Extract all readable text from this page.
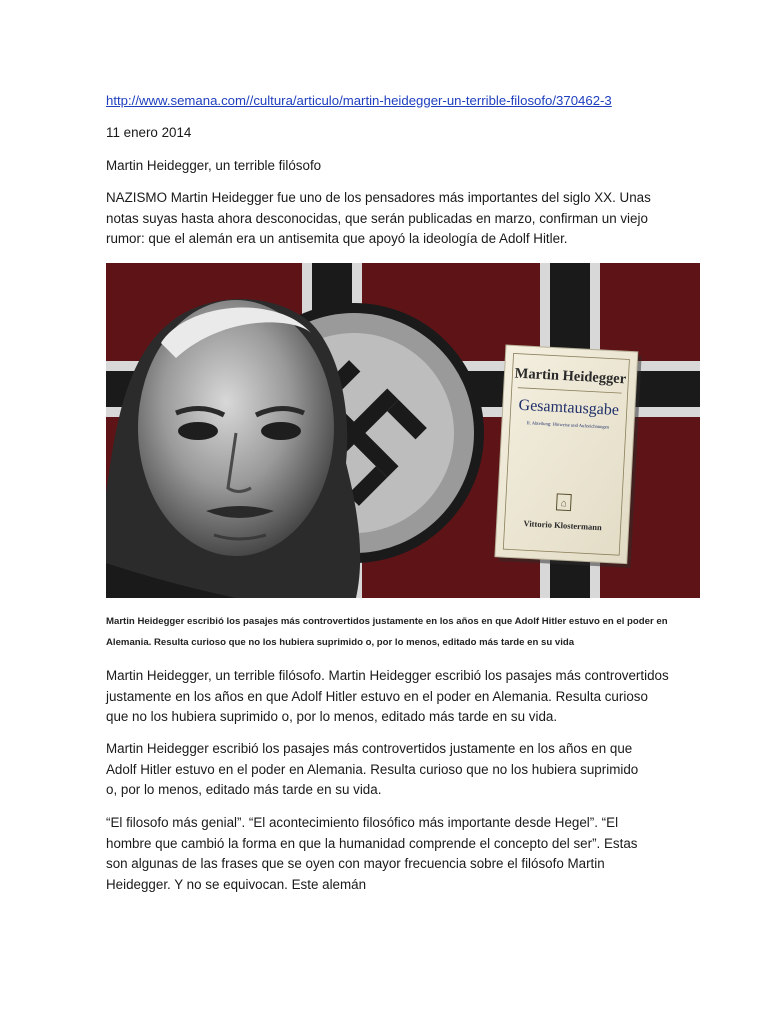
http://www.semana.com//cultura/articulo/martin-heidegger-un-terrible-filosofo/370462-3

11 enero 2014

Martin Heidegger, un terrible filósofo

NAZISMO Martin Heidegger fue uno de los pensadores más importantes del siglo XX. Unas notas suyas hasta ahora desconocidas, que serán publicadas en marzo, confirman un viejo rumor: que el alemán era un antisemita que apoyó la ideología de Adolf Hitler.

Martin Heidegger
Gesamtausgabe
II. Abteilung: Hinweise und Aufzeichnungen
⌂
Vittorio Klostermann

Martin Heidegger escribió los pasajes más controvertidos justamente en los años en que Adolf Hitler estuvo en el poder en Alemania. Resulta curioso que no los hubiera suprimido o, por lo menos, editado más tarde en su vida

Martin Heidegger, un terrible filósofo. Martin Heidegger escribió los pasajes más controvertidos justamente en los años en que Adolf Hitler estuvo en el poder en Alemania. Resulta curioso que no los hubiera suprimido o, por lo menos, editado más tarde en su vida.

Martin Heidegger escribió los pasajes más controvertidos justamente en los años en que Adolf Hitler estuvo en el poder en Alemania. Resulta curioso que no los hubiera suprimido o, por lo menos, editado más tarde en su vida.

“El filosofo más genial”. “El acontecimiento filosófico más importante desde Hegel”. “El hombre que cambió la forma en que la humanidad comprende el concepto del ser”. Estas son algunas de las frases que se oyen con mayor frecuencia sobre el filósofo Martin Heidegger. Y no se equivocan. Este alemán
